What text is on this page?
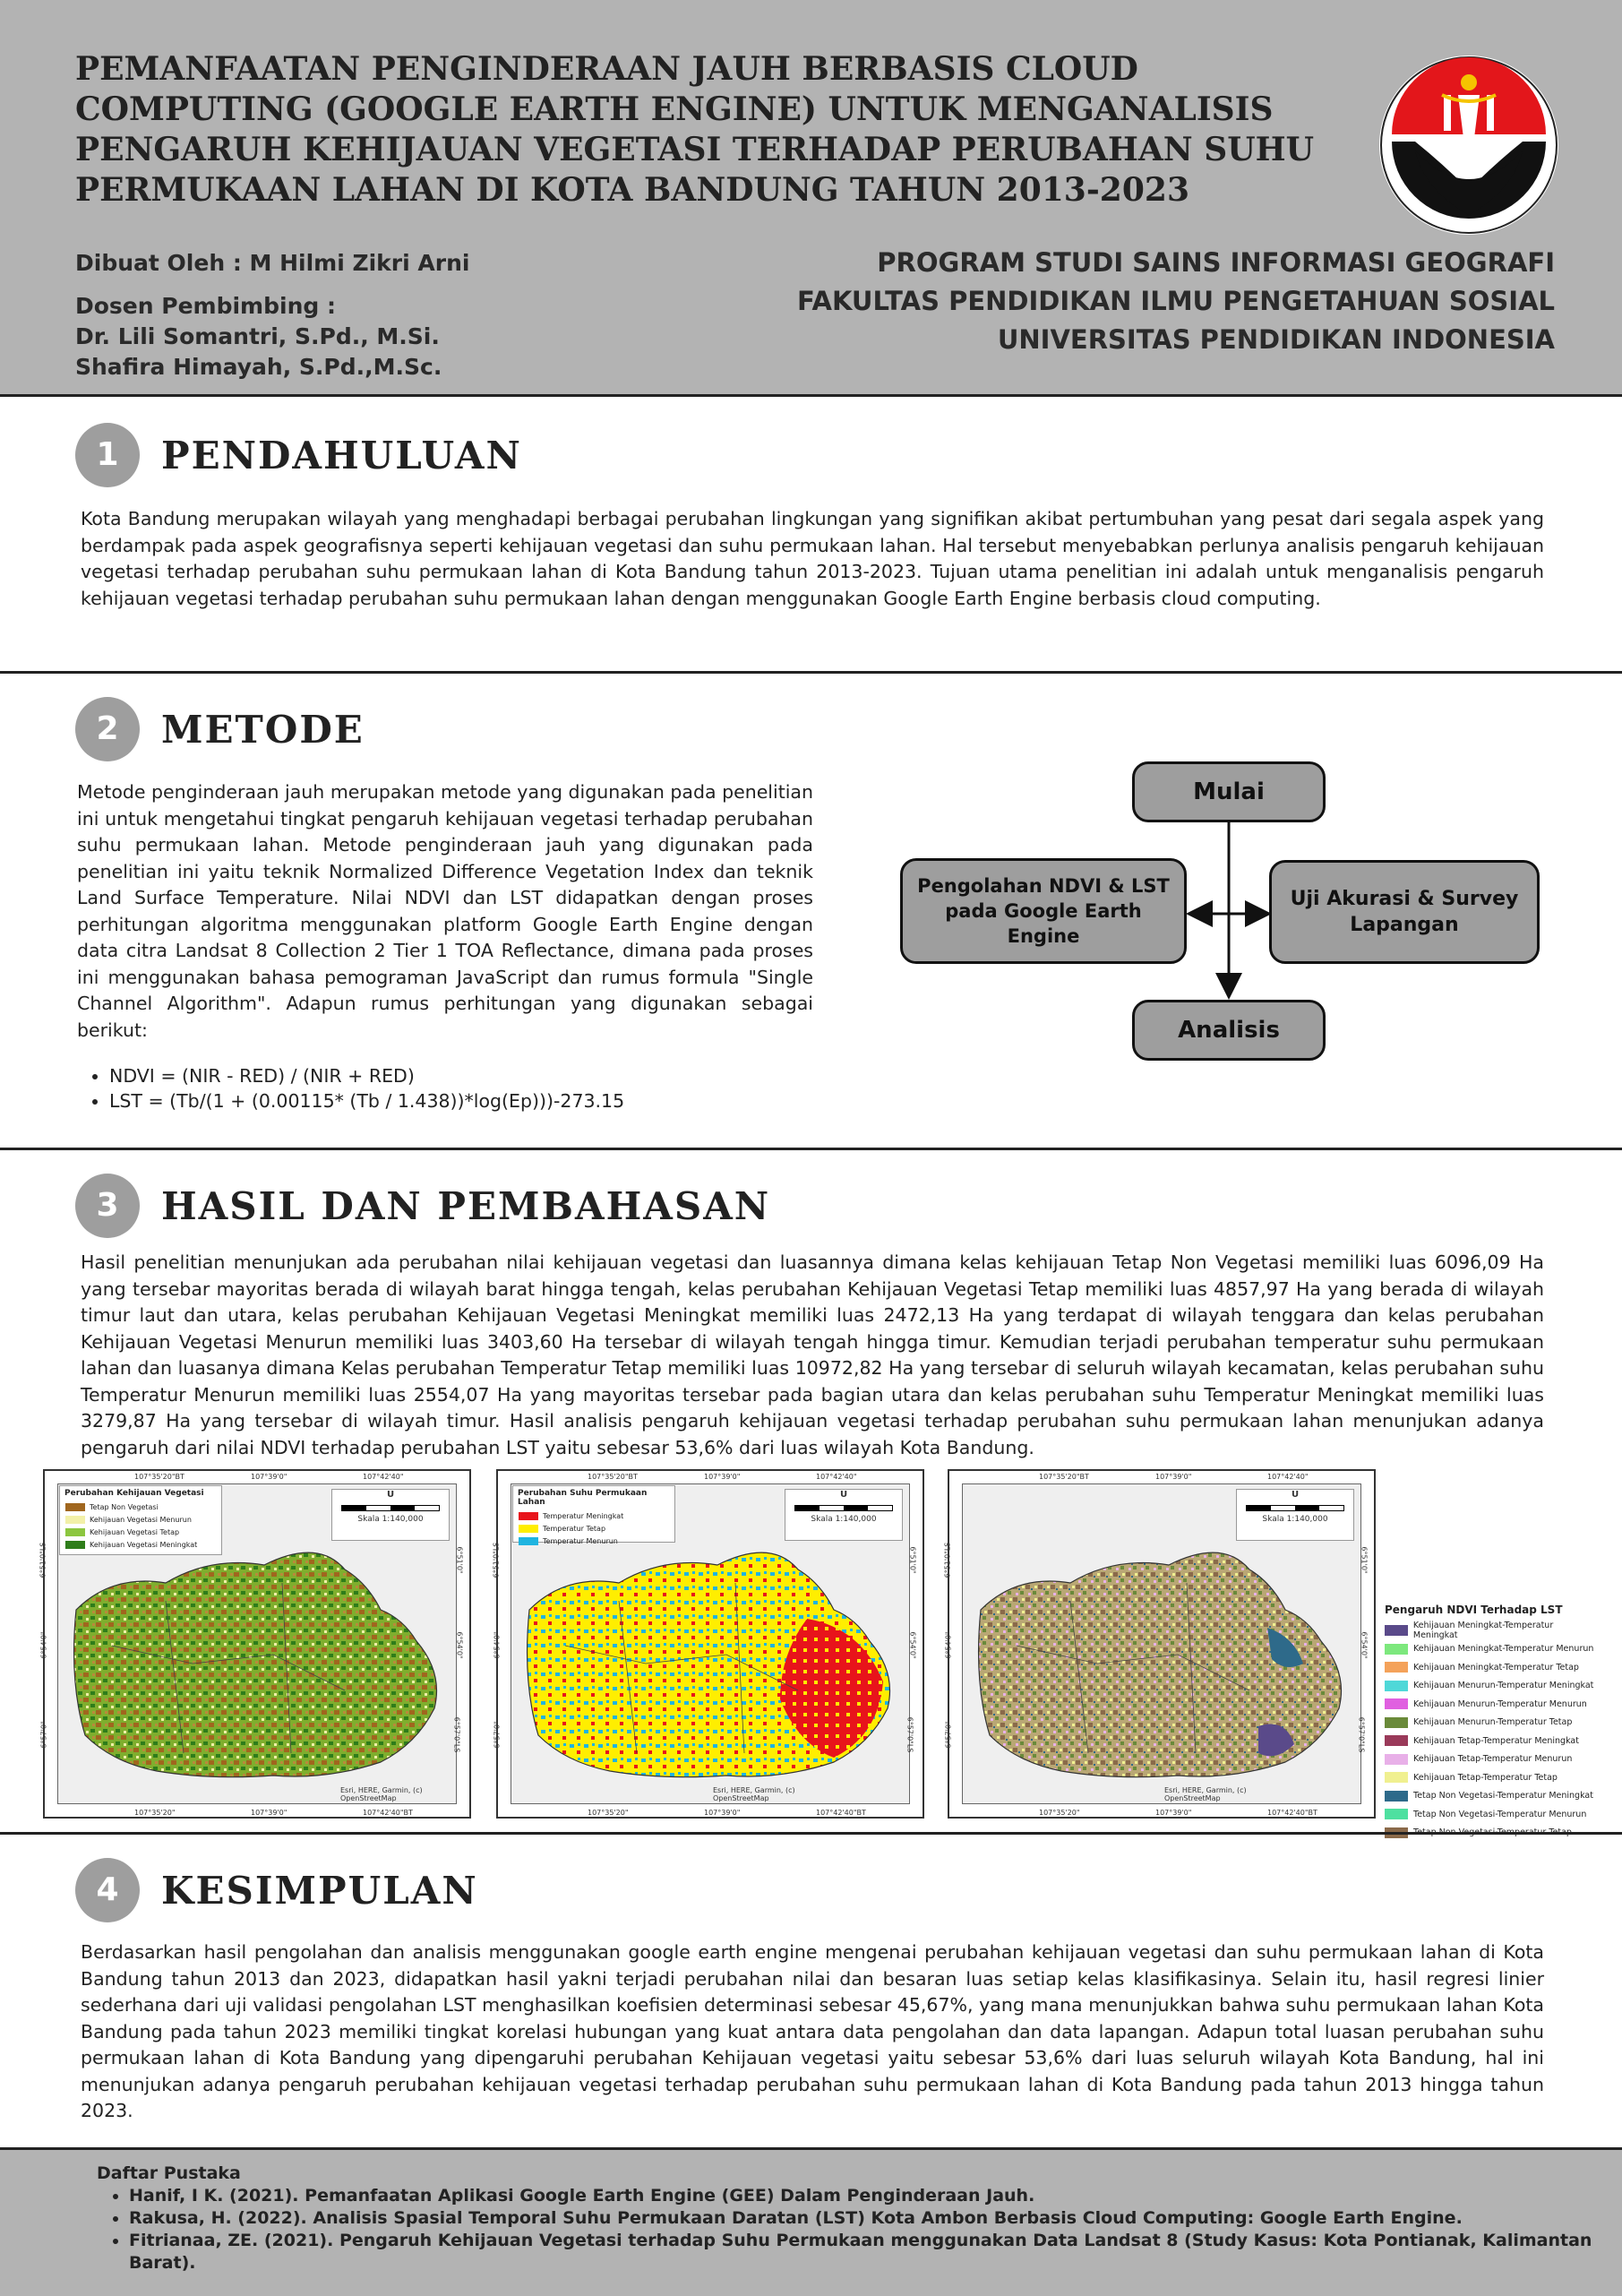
PEMANFAATAN PENGINDERAAN JAUH BERBASIS CLOUD
COMPUTING (GOOGLE EARTH ENGINE) UNTUK MENGANALISIS
PENGARUH KEHIJAUAN VEGETASI TERHADAP PERUBAHAN SUHU
PERMUKAAN LAHAN DI KOTA BANDUNG TAHUN 2013-2023
Dibuat Oleh : M Hilmi Zikri Arni
Dosen Pembimbing :
Dr. Lili Somantri, S.Pd., M.Si.
Shafira Himayah, S.Pd.,M.Sc.
PROGRAM STUDI SAINS INFORMASI GEOGRAFI
FAKULTAS PENDIDIKAN ILMU PENGETAHUAN SOSIAL
UNIVERSITAS PENDIDIKAN INDONESIA
1	PENDAHULUAN
Kota Bandung merupakan wilayah yang menghadapi berbagai perubahan lingkungan yang signifikan akibat pertumbuhan yang pesat dari segala aspek yang berdampak pada aspek geografisnya seperti kehijauan vegetasi dan suhu permukaan lahan. Hal tersebut menyebabkan perlunya analisis pengaruh kehijauan vegetasi terhadap perubahan suhu permukaan lahan di Kota Bandung tahun 2013-2023. Tujuan utama penelitian ini adalah untuk menganalisis pengaruh kehijauan vegetasi terhadap perubahan suhu permukaan lahan dengan menggunakan Google Earth Engine berbasis cloud computing.
2	METODE
Metode penginderaan jauh merupakan metode yang digunakan pada penelitian ini untuk mengetahui tingkat pengaruh kehijauan vegetasi terhadap perubahan suhu permukaan lahan. Metode penginderaan jauh yang digunakan pada penelitian ini yaitu teknik Normalized Difference Vegetation Index dan teknik Land Surface Temperature. Nilai NDVI dan LST didapatkan dengan proses perhitungan algoritma menggunakan platform Google Earth Engine dengan data citra Landsat 8 Collection 2 Tier 1 TOA Reflectance, dimana pada proses ini menggunakan bahasa pemograman JavaScript dan rumus formula "Single Channel Algorithm". Adapun rumus perhitungan yang digunakan sebagai berikut:
• NDVI = (NIR - RED) / (NIR + RED)
• LST = (Tb/(1 + (0.00115* (Tb / 1.438))*log(Ep)))-273.15
Mulai
Pengolahan NDVI & LST
pada Google Earth
Engine
Uji Akurasi & Survey
Lapangan
Analisis
3	HASIL DAN PEMBAHASAN
Hasil penelitian menunjukan ada perubahan nilai kehijauan vegetasi dan luasannya dimana kelas kehijauan Tetap Non Vegetasi memiliki luas 6096,09 Ha yang tersebar mayoritas berada di wilayah barat hingga tengah, kelas perubahan Kehijauan Vegetasi Tetap memiliki luas 4857,97 Ha yang berada di wilayah timur laut dan utara, kelas perubahan Kehijauan Vegetasi Meningkat memiliki luas 2472,13 Ha yang terdapat di wilayah tenggara dan kelas perubahan Kehijauan Vegetasi Menurun memiliki luas 3403,60 Ha tersebar di wilayah tengah hingga timur. Kemudian terjadi perubahan temperatur suhu permukaan lahan dan luasanya dimana Kelas perubahan Temperatur Tetap memiliki luas 10972,82 Ha yang tersebar di seluruh wilayah kecamatan, kelas perubahan suhu Temperatur Menurun memiliki luas 2554,07 Ha yang mayoritas tersebar pada bagian utara dan kelas perubahan suhu Temperatur Meningkat memiliki luas 3279,87 Ha yang tersebar di wilayah timur. Hasil analisis pengaruh kehijauan vegetasi terhadap perubahan suhu permukaan lahan menunjukan adanya pengaruh dari nilai NDVI terhadap perubahan LST yaitu sebesar 53,6% dari luas wilayah Kota Bandung.
Perubahan Kehijauan Vegetasi
Tetap Non Vegetasi
Kehijauan Vegetasi Menurun
Kehijauan Vegetasi Tetap
Kehijauan Vegetasi Meningkat
U
Skala 1:140,000
107°35'20"BT	107°39'0"	107°42'40"
107°35'20"	107°39'0"	107°42'40"BT
6°51'0"LS
6°54'0"
6°57'0"
6°51'0"
6°54'0"
6°57'0"LS
Esri, HERE, Garmin, (c)
OpenStreetMap
Perubahan Suhu Permukaan Lahan
Temperatur Meningkat
Temperatur Tetap
Temperatur Menurun
U
Skala 1:140,000
107°35'20"BT	107°39'0"	107°42'40"
107°35'20"	107°39'0"	107°42'40"BT
6°51'0"LS
6°54'0"
6°57'0"
6°51'0"
6°54'0"
6°57'0"LS
Esri, HERE, Garmin, (c)
OpenStreetMap
U
Skala 1:140,000
107°35'20"BT	107°39'0"	107°42'40"
107°35'20"	107°39'0"	107°42'40"BT
6°51'0"LS
6°54'0"
6°57'0"
6°51'0"
6°54'0"
6°57'0"LS
Esri, HERE, Garmin, (c)
OpenStreetMap
Pengaruh NDVI Terhadap LST
Kehijauan Meningkat-Temperatur Meningkat
Kehijauan Meningkat-Temperatur Menurun
Kehijauan Meningkat-Temperatur Tetap
Kehijauan Menurun-Temperatur Meningkat
Kehijauan Menurun-Temperatur Menurun
Kehijauan Menurun-Temperatur Tetap
Kehijauan Tetap-Temperatur Meningkat
Kehijauan Tetap-Temperatur Menurun
Kehijauan Tetap-Temperatur Tetap
Tetap Non Vegetasi-Temperatur Meningkat
Tetap Non Vegetasi-Temperatur Menurun
4	KESIMPULAN
Berdasarkan hasil pengolahan dan analisis menggunakan google earth engine mengenai perubahan kehijauan vegetasi dan suhu permukaan lahan di Kota Bandung tahun 2013 dan 2023, didapatkan hasil yakni terjadi perubahan nilai dan besaran luas setiap kelas klasifikasinya. Selain itu, hasil regresi linier sederhana dari uji validasi pengolahan LST menghasilkan koefisien determinasi sebesar 45,67%, yang mana menunjukkan bahwa suhu permukaan lahan Kota Bandung pada tahun 2023 memiliki tingkat korelasi hubungan yang kuat antara data pengolahan dan data lapangan. Adapun total luasan perubahan suhu permukaan lahan di Kota Bandung yang dipengaruhi perubahan Kehijauan vegetasi yaitu sebesar 53,6% dari luas seluruh wilayah Kota Bandung, hal ini menunjukan adanya pengaruh perubahan kehijauan vegetasi terhadap perubahan suhu permukaan lahan di Kota Bandung pada tahun 2013 hingga tahun 2023.
Daftar Pustaka
• Hanif, I K. (2021). Pemanfaatan Aplikasi Google Earth Engine (GEE) Dalam Penginderaan Jauh.
• Rakusa, H. (2022). Analisis Spasial Temporal Suhu Permukaan Daratan (LST) Kota Ambon Berbasis Cloud Computing: Google Earth Engine.
• Fitrianaa, ZE. (2021). Pengaruh Kehijauan Vegetasi terhadap Suhu Permukaan menggunakan Data Landsat 8 (Study Kasus: Kota Pontianak, Kalimantan Barat).
